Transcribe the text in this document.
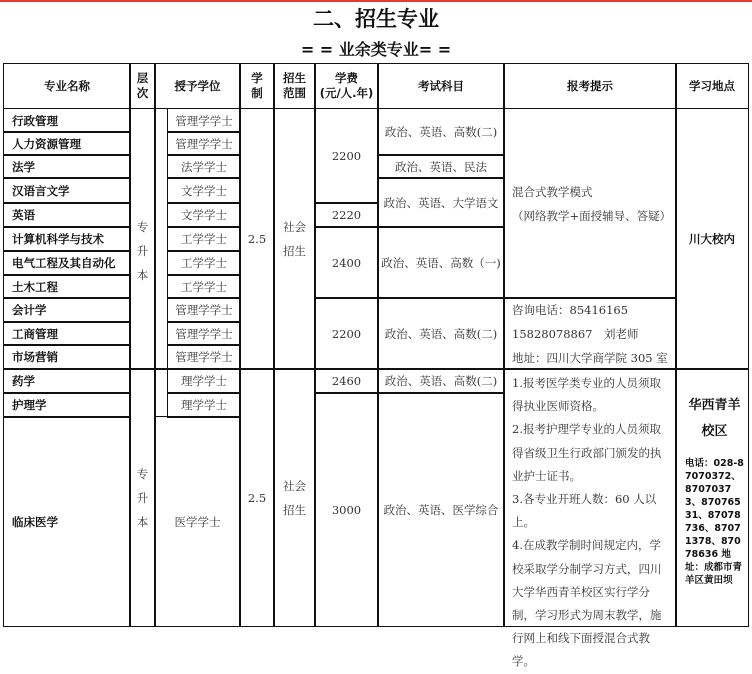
二、招生专业
= = 业余类专业= =
专业名称
层
次
授予学位
学
制
招生
范围
学费
(元/人.年)
考试科目	报考提示	学习地点
行政管理
人力资源管理
法学
汉语言文学
英语
计算机科学与技术
电气工程及其自动化
土木工程
会计学
工商管理
市场营销
专
升
本
管理学学士
管理学学士
法学学士
文学学士
文学学士
工学学士
工学学士
工学学士
管理学学士
管理学学士
管理学学士
2.5
社会
招生
2200
2220
2400
2200
政治、英语、高数(二)
政治、英语、民法
政治、英语、大学语文
政治、英语、高数（一)
政治、英语、高数(二)
混合式教学模式
（网络教学+面授辅导、答疑）
咨询电话：85416165
15828078867　刘老师
地址：四川大学商学院 305 室
川大校内
药学
护理学
临床医学
专
升
本
理学学士
理学学士
医学学士
2.5
社会
招生
2460
3000
政治、英语、高数(二)
政治、英语、医学综合
1.报考医学类专业的人员须取得执业医师资格。
2.报考护理学专业的人员须取得省级卫生行政部门颁发的执业护士证书。
3.各专业开班人数：60 人以上。
4.在成教学制时间规定内，学校采取学分制学习方式，四川大学华西青羊校区实行学分制，学习形式为周末教学，施行网上和线下面授混合式教学。
华西青羊
校区
电话：028-87070372、87070373、87076531、87078736、87071378、87078636 地址：成都市青羊区黄田坝
